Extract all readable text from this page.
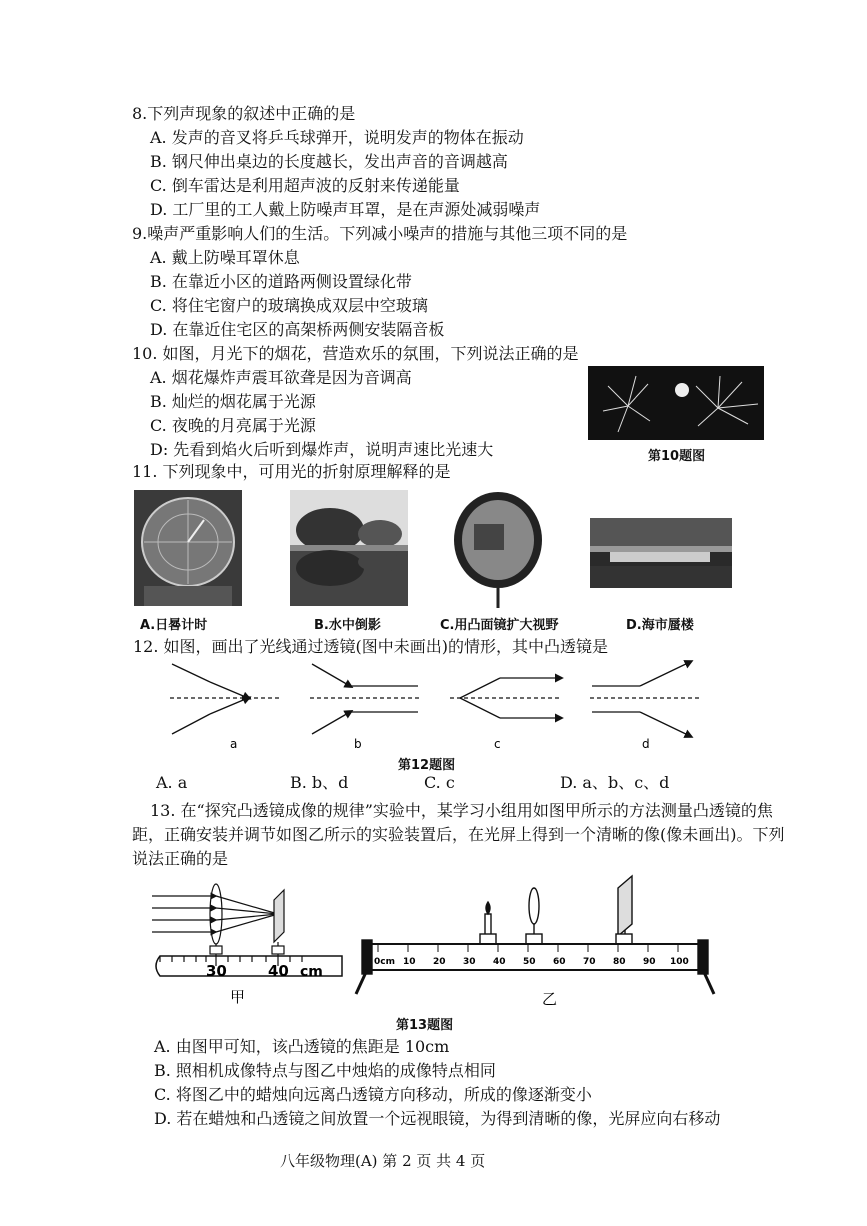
8.下列声现象的叙述中正确的是
A. 发声的音叉将乒乓球弹开，说明发声的物体在振动
B. 钢尺伸出桌边的长度越长，发出声音的音调越高
C. 倒车雷达是利用超声波的反射来传递能量
D. 工厂里的工人戴上防噪声耳罩，是在声源处减弱噪声
9.噪声严重影响人们的生活。下列减小噪声的措施与其他三项不同的是
A. 戴上防噪耳罩休息
B. 在靠近小区的道路两侧设置绿化带
C. 将住宅窗户的玻璃换成双层中空玻璃
D. 在靠近住宅区的高架桥两侧安装隔音板
10. 如图，月光下的烟花，营造欢乐的氛围，下列说法正确的是
A. 烟花爆炸声震耳欲聋是因为音调高
B. 灿烂的烟花属于光源
C. 夜晚的月亮属于光源
D: 先看到焰火后听到爆炸声，说明声速比光速大	第10题图
11. 下列现象中，可用光的折射原理解释的是
A.日晷计时	B.水中倒影	C.用凸面镜扩大视野	D.海市蜃楼
12. 如图，画出了光线通过透镜(图中未画出)的情形，其中凸透镜是
a	b	c	d
第12题图
A. a	B. b、d	C. c	D. a、b、c、d
13. 在“探究凸透镜成像的规律”实验中，某学习小组用如图甲所示的方法测量凸透镜的焦
距，正确安装并调节如图乙所示的实验装置后，在光屏上得到一个清晰的像(像未画出)。下列
说法正确的是
30	40 cm
甲
0cm 10 20 30 40 50 60 70 80 90 100
乙
第13题图
A. 由图甲可知，该凸透镜的焦距是 10cm
B. 照相机成像特点与图乙中烛焰的成像特点相同
C. 将图乙中的蜡烛向远离凸透镜方向移动，所成的像逐渐变小
D. 若在蜡烛和凸透镜之间放置一个远视眼镜，为得到清晰的像，光屏应向右移动
八年级物理(A) 第 2 页 共 4 页
